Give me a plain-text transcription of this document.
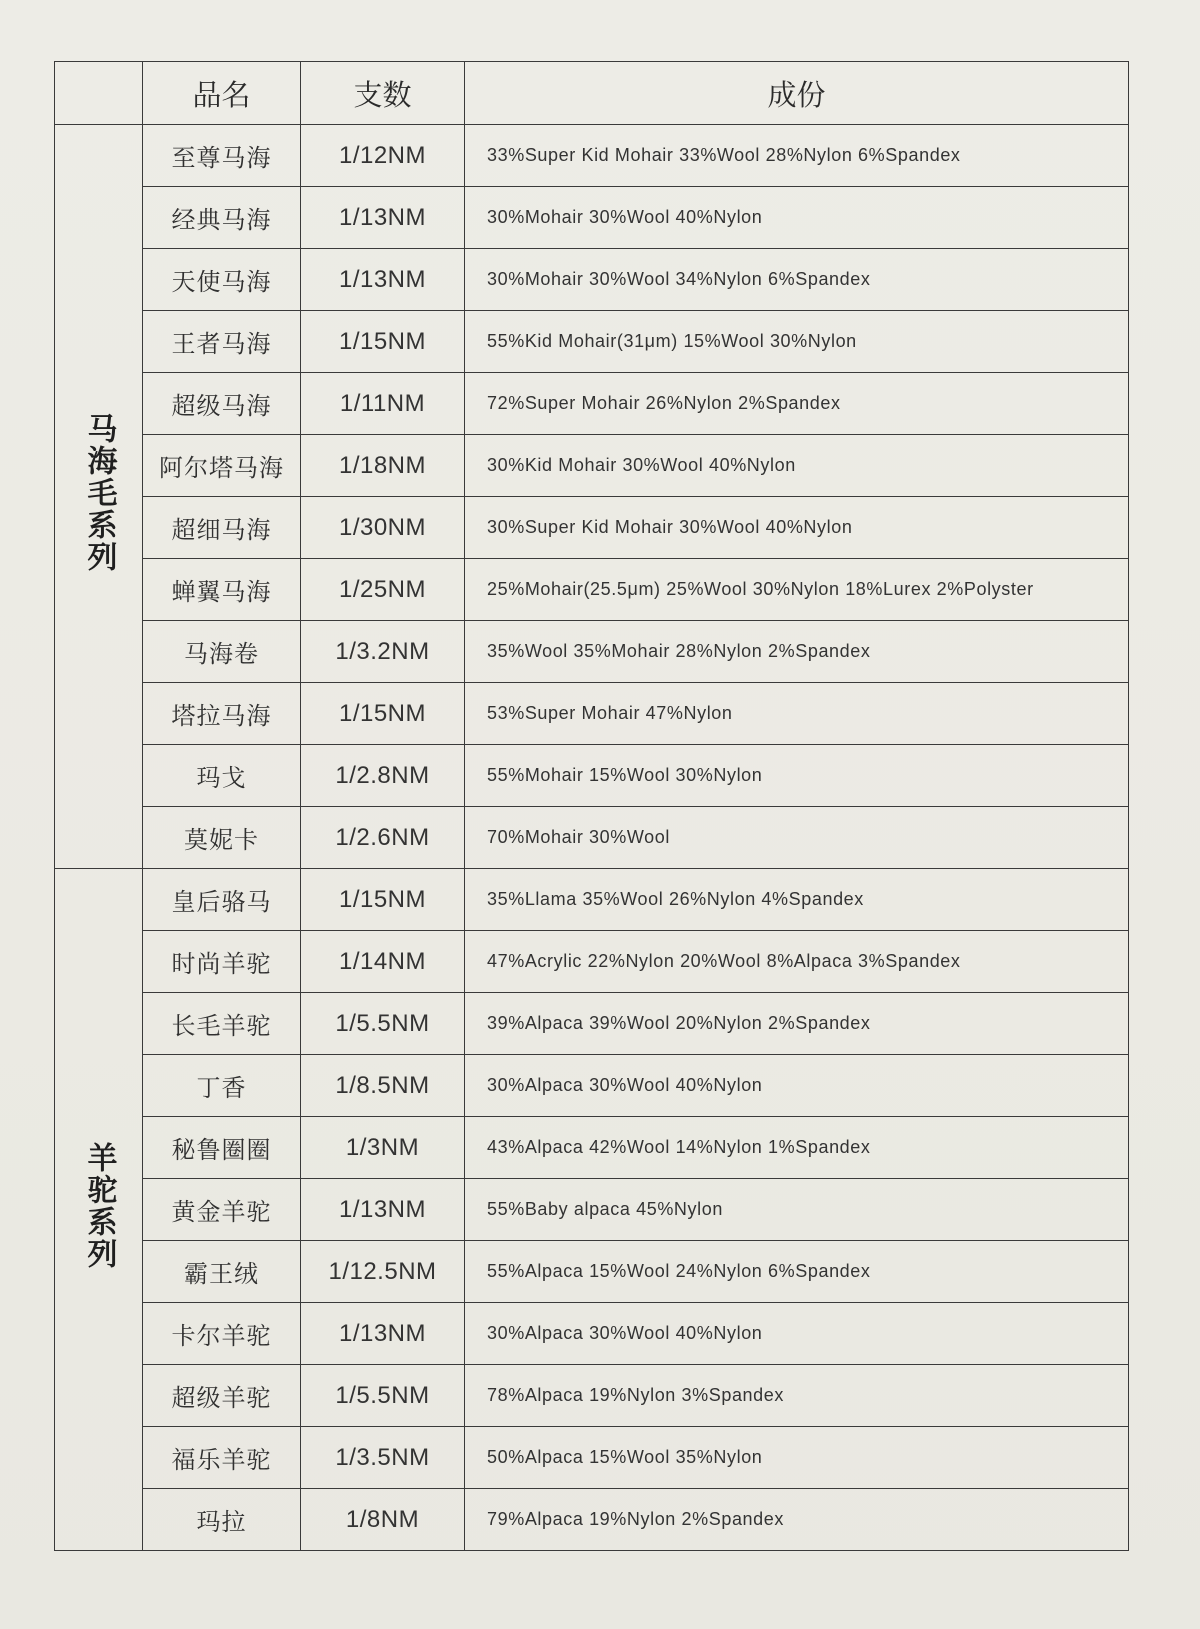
	品名	支数	成份
马海毛系列	至尊马海	1/12NM	33%Super Kid Mohair 33%Wool 28%Nylon 6%Spandex
	经典马海	1/13NM	30%Mohair 30%Wool 40%Nylon
	天使马海	1/13NM	30%Mohair 30%Wool 34%Nylon 6%Spandex
	王者马海	1/15NM	55%Kid Mohair(31μm) 15%Wool 30%Nylon
	超级马海	1/11NM	72%Super Mohair 26%Nylon 2%Spandex
	阿尔塔马海	1/18NM	30%Kid Mohair 30%Wool 40%Nylon
	超细马海	1/30NM	30%Super Kid Mohair 30%Wool 40%Nylon
	蝉翼马海	1/25NM	25%Mohair(25.5μm) 25%Wool 30%Nylon 18%Lurex 2%Polyster
	马海卷	1/3.2NM	35%Wool 35%Mohair 28%Nylon 2%Spandex
	塔拉马海	1/15NM	53%Super Mohair 47%Nylon
	玛戈	1/2.8NM	55%Mohair 15%Wool 30%Nylon
	莫妮卡	1/2.6NM	70%Mohair 30%Wool
羊驼系列	皇后骆马	1/15NM	35%Llama 35%Wool 26%Nylon 4%Spandex
	时尚羊驼	1/14NM	47%Acrylic 22%Nylon 20%Wool 8%Alpaca 3%Spandex
	长毛羊驼	1/5.5NM	39%Alpaca 39%Wool 20%Nylon 2%Spandex
	丁香	1/8.5NM	30%Alpaca 30%Wool 40%Nylon
	秘鲁圈圈	1/3NM	43%Alpaca 42%Wool 14%Nylon 1%Spandex
	黄金羊驼	1/13NM	55%Baby alpaca 45%Nylon
	霸王绒	1/12.5NM	55%Alpaca 15%Wool 24%Nylon 6%Spandex
	卡尔羊驼	1/13NM	30%Alpaca 30%Wool 40%Nylon
	超级羊驼	1/5.5NM	78%Alpaca 19%Nylon 3%Spandex
	福乐羊驼	1/3.5NM	50%Alpaca 15%Wool 35%Nylon
	玛拉	1/8NM	79%Alpaca 19%Nylon 2%Spandex
